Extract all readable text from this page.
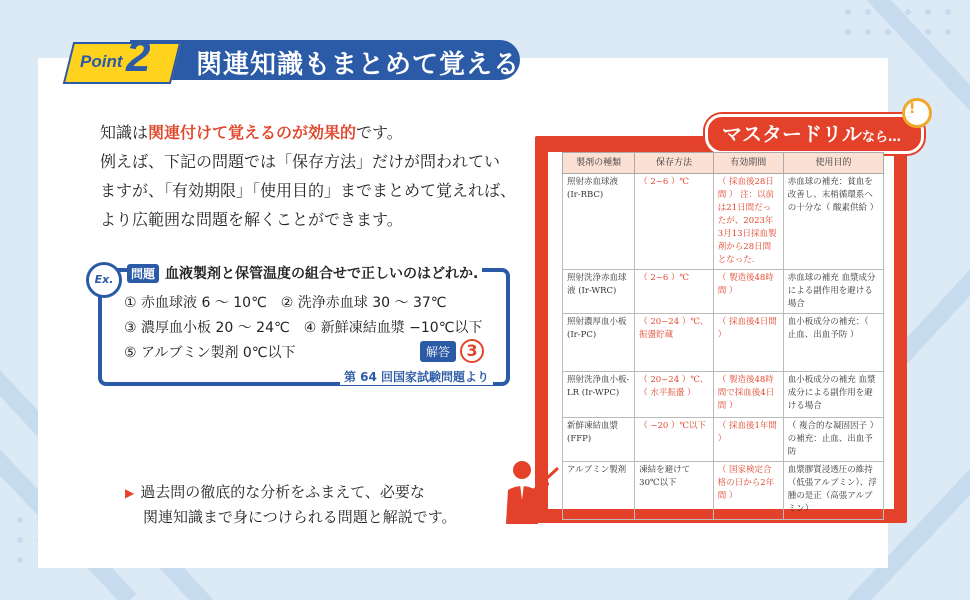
Point 2 関連知識もまとめて覚える
知識は関連付けて覚えるのが効果的です。
例えば、下記の問題では「保存方法」だけが問われてい
ますが、「有効期限」「使用目的」までまとめて覚えれば、
より広範囲な問題を解くことができます。
Ex.	問題 血液製剤と保管温度の組合せで正しいのはどれか.
① 赤血球液 6 〜 10℃　② 洗浄赤血球 30 〜 37℃
③ 濃厚血小板 20 〜 24℃　④ 新鮮凍結血漿 −10℃以下
⑤ アルブミン製剤 0℃以下	解答 3
第 64 回国家試験問題より
▶ 過去問の徹底的な分析をふまえて、必要な
関連知識まで身につけられる問題と解説です。
マスタードリルなら…
!
製剤の種類	保存方法	有効期間	使用目的
照射赤血球液 (Ir-RBC)	（ 2~6 ）℃	（ 採血後28日間 ） 注：以前は21日間だったが、2023年3月13日採血製剤から28日間となった.	赤血球の補充：貧血を改善し、末梢循環系への十分な（ 酸素供給 ）
照射洗浄赤血球液 (Ir-WRC)	（ 2~6 ）℃	（ 製造後48時間 ）	赤血球の補充 血漿成分による副作用を避ける場合
照射濃厚血小板 (Ir-PC)	（ 20~24 ）℃、振盪貯蔵	（ 採血後4日間 ）	血小板成分の補充：（ 止血、出血予防 ）
照射洗浄血小板-LR (Ir-WPC)	（ 20~24 ）℃、（ 水平振盪 ）	（ 製造後48時間で採血後4日間 ）	血小板成分の補充 血漿成分による副作用を避ける場合
新鮮凍結血漿 (FFP)	（ −20 ）℃以下	（ 採血後1年間 ）	（ 複合的な凝固因子 ）の補充：止血、出血予防
アルブミン製剤	凍結を避けて30℃以下	（ 国家検定合格の日から2年間 ）	血漿膠質浸透圧の維持（低張アルブミン）、浮腫の是正（高張アルブミン）
